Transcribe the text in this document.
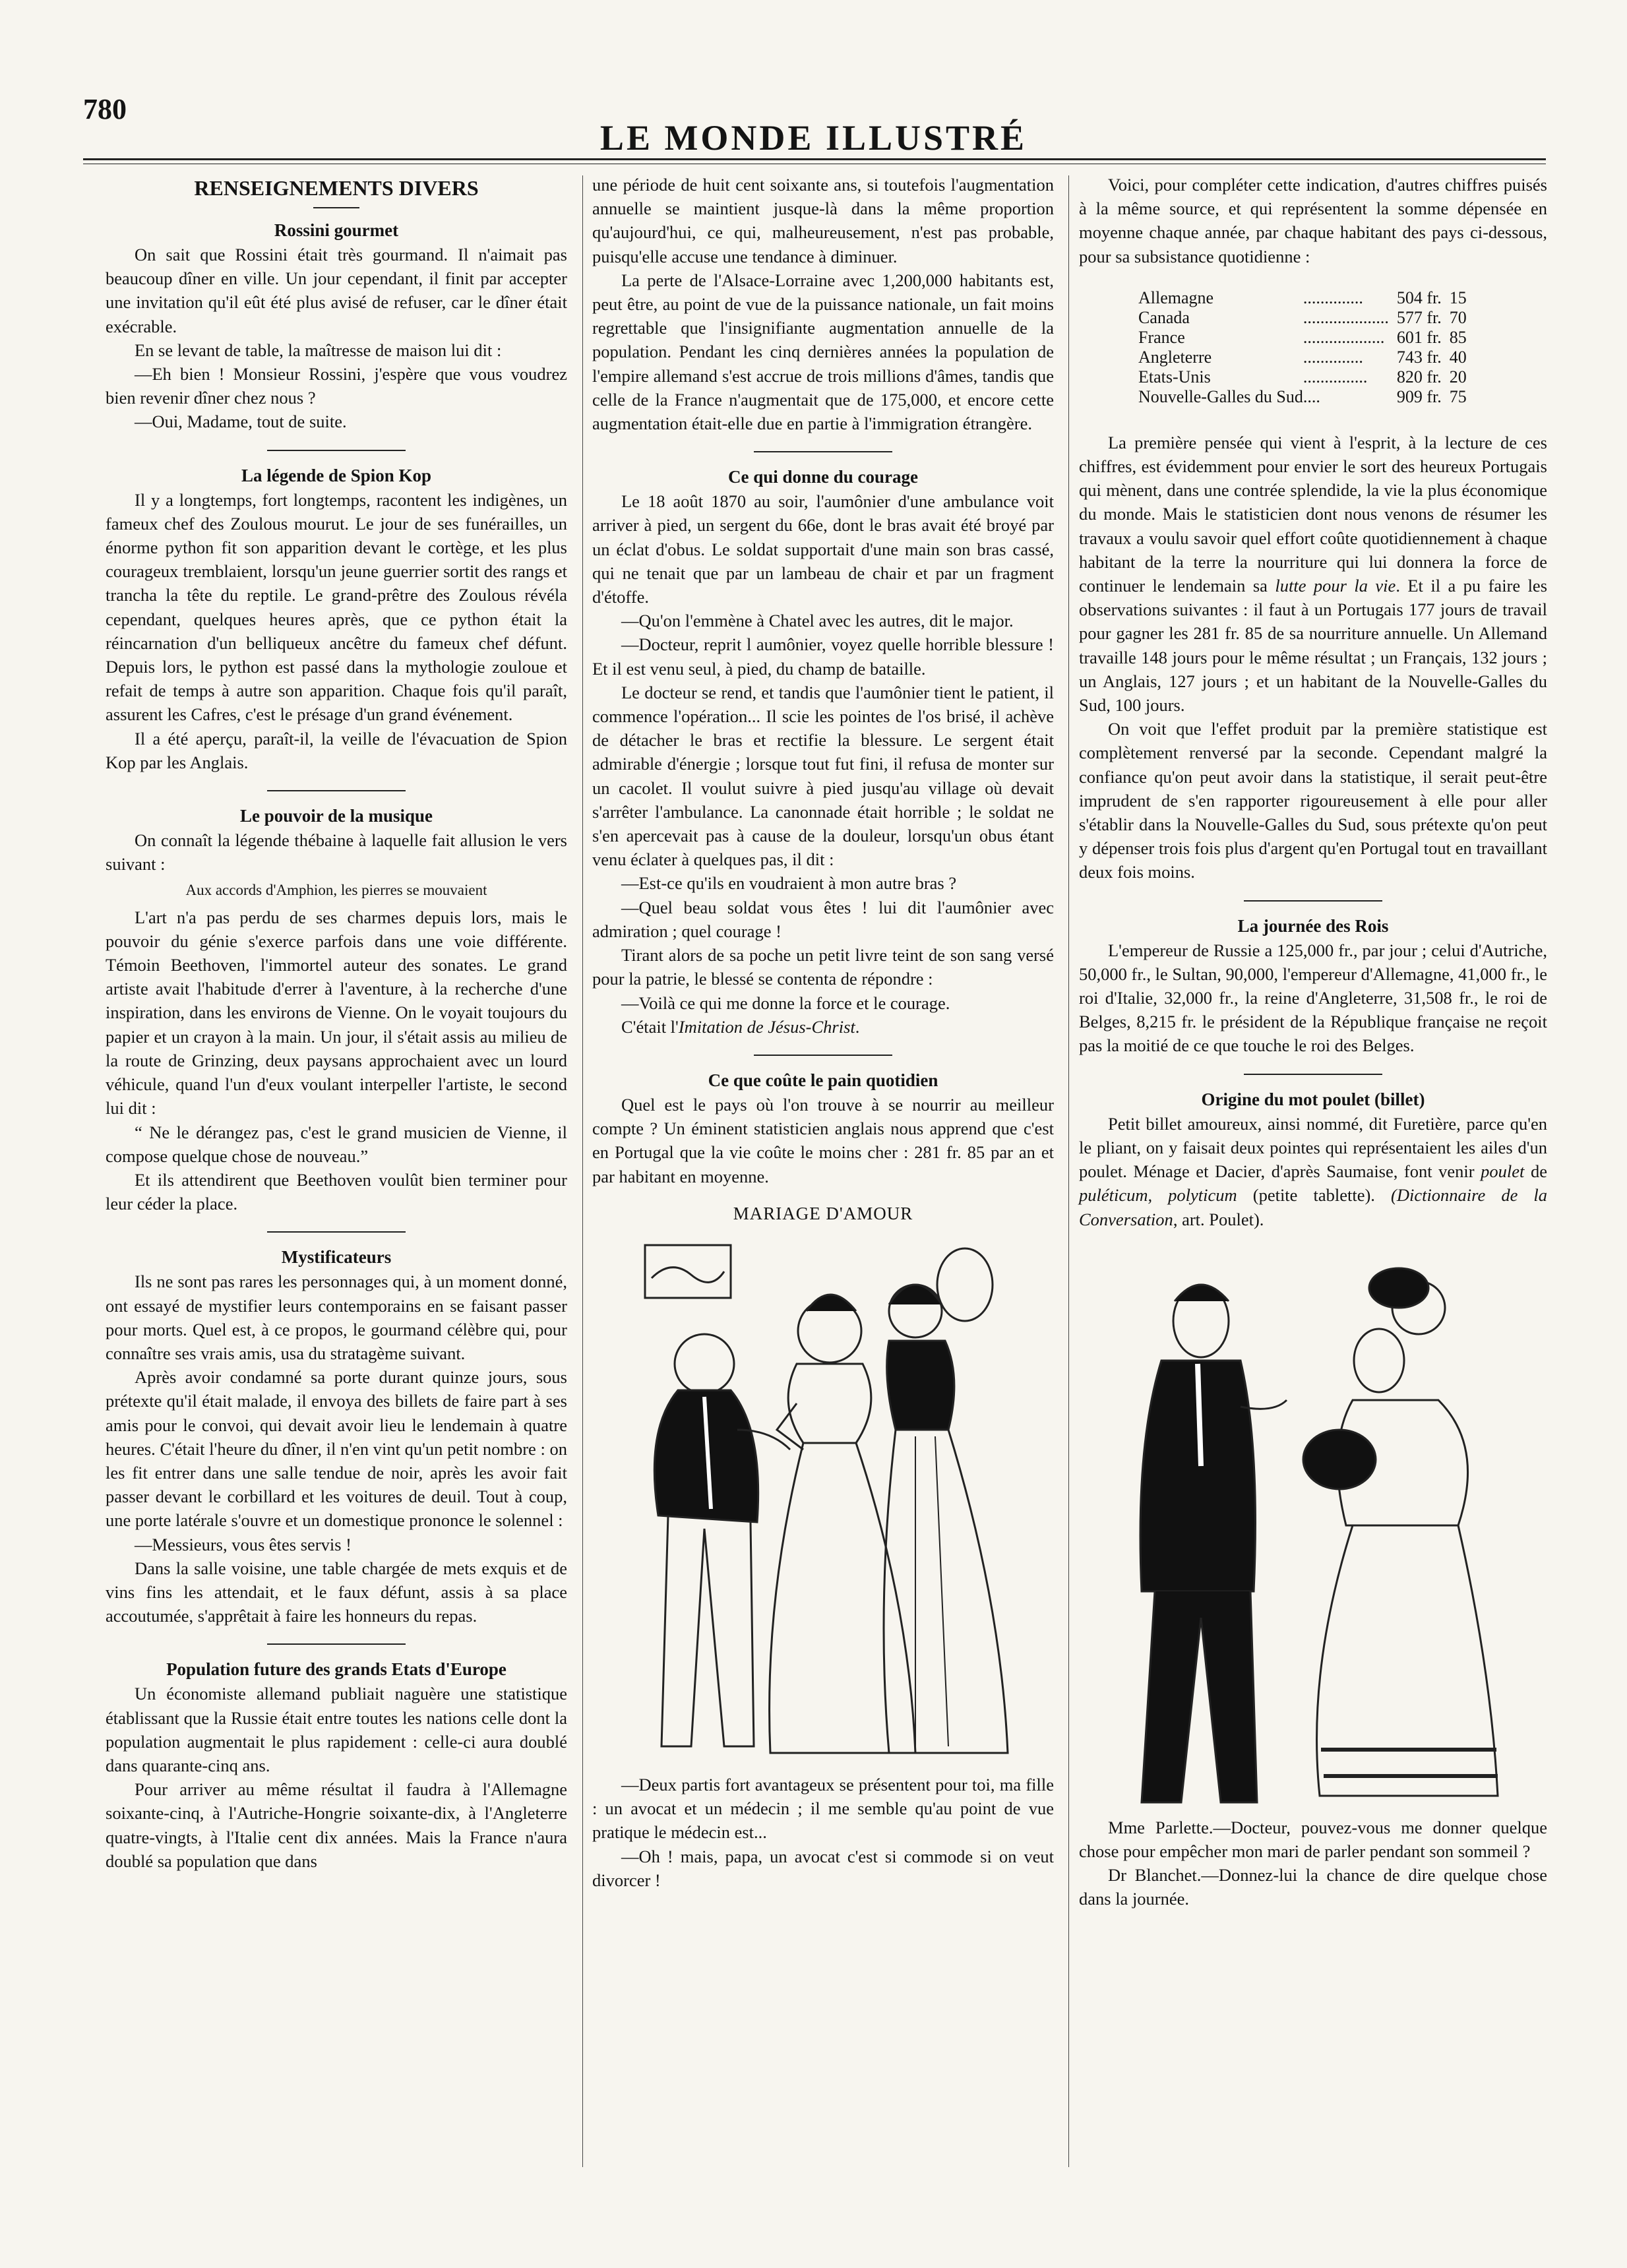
780
LE MONDE ILLUSTRÉ
RENSEIGNEMENTS DIVERS
Rossini gourmet

On sait que Rossini était très gourmand. Il n'aimait pas beaucoup dîner en ville. Un jour cependant, il finit par accepter une invitation qu'il eût été plus avisé de refuser, car le dîner était exécrable.

En se levant de table, la maîtresse de maison lui dit :

—Eh bien ! Monsieur Rossini, j'espère que vous voudrez bien revenir dîner chez nous ?

—Oui, Madame, tout de suite.

La légende de Spion Kop

Il y a longtemps, fort longtemps, racontent les indigènes, un fameux chef des Zoulous mourut. Le jour de ses funérailles, un énorme python fit son apparition devant le cortège, et les plus courageux tremblaient, lorsqu'un jeune guerrier sortit des rangs et trancha la tête du reptile. Le grand-prêtre des Zoulous révéla cependant, quelques heures après, que ce python était la réincarnation d'un belliqueux ancêtre du fameux chef défunt. Depuis lors, le python est passé dans la mythologie zouloue et refait de temps à autre son apparition. Chaque fois qu'il paraît, assurent les Cafres, c'est le présage d'un grand événement.

Il a été aperçu, paraît-il, la veille de l'évacuation de Spion Kop par les Anglais.

Le pouvoir de la musique

On connaît la légende thébaine à laquelle fait allusion le vers suivant :

Aux accords d'Amphion, les pierres se mouvaient

L'art n'a pas perdu de ses charmes depuis lors, mais le pouvoir du génie s'exerce parfois dans une voie différente. Témoin Beethoven, l'immortel auteur des sonates. Le grand artiste avait l'habitude d'errer à l'aventure, à la recherche d'une inspiration, dans les environs de Vienne. On le voyait toujours du papier et un crayon à la main. Un jour, il s'était assis au milieu de la route de Grinzing, deux paysans approchaient avec un lourd véhicule, quand l'un d'eux voulant interpeller l'artiste, le second lui dit :

“ Ne le dérangez pas, c'est le grand musicien de Vienne, il compose quelque chose de nouveau.”

Et ils attendirent que Beethoven voulût bien terminer pour leur céder la place.

Mystificateurs

Ils ne sont pas rares les personnages qui, à un moment donné, ont essayé de mystifier leurs contemporains en se faisant passer pour morts. Quel est, à ce propos, le gourmand célèbre qui, pour connaître ses vrais amis, usa du stratagème suivant.

Après avoir condamné sa porte durant quinze jours, sous prétexte qu'il était malade, il envoya des billets de faire part à ses amis pour le convoi, qui devait avoir lieu le lendemain à quatre heures. C'était l'heure du dîner, il n'en vint qu'un petit nombre : on les fit entrer dans une salle tendue de noir, après les avoir fait passer devant le corbillard et les voitures de deuil. Tout à coup, une porte latérale s'ouvre et un domestique prononce le solennel :

—Messieurs, vous êtes servis !

Dans la salle voisine, une table chargée de mets exquis et de vins fins les attendait, et le faux défunt, assis à sa place accoutumée, s'apprêtait à faire les honneurs du repas.

Population future des grands Etats d'Europe

Un économiste allemand publiait naguère une statistique établissant que la Russie était entre toutes les nations celle dont la population augmentait le plus rapidement : celle-ci aura doublé dans quarante-cinq ans.

Pour arriver au même résultat il faudra à l'Allemagne soixante-cinq, à l'Autriche-Hongrie soixante-dix, à l'Angleterre quatre-vingts, à l'Italie cent dix années. Mais la France n'aura doublé sa population que dans

une période de huit cent soixante ans, si toutefois l'augmentation annuelle se maintient jusque-là dans la même proportion qu'aujourd'hui, ce qui, malheureusement, n'est pas probable, puisqu'elle accuse une tendance à diminuer.

La perte de l'Alsace-Lorraine avec 1,200,000 habitants est, peut être, au point de vue de la puissance nationale, un fait moins regrettable que l'insignifiante augmentation annuelle de la population. Pendant les cinq dernières années la population de l'empire allemand s'est accrue de trois millions d'âmes, tandis que celle de la France n'augmentait que de 175,000, et encore cette augmentation était-elle due en partie à l'immigration étrangère.

Ce qui donne du courage

Le 18 août 1870 au soir, l'aumônier d'une ambulance voit arriver à pied, un sergent du 66e, dont le bras avait été broyé par un éclat d'obus. Le soldat supportait d'une main son bras cassé, qui ne tenait que par un lambeau de chair et par un fragment d'étoffe.

—Qu'on l'emmène à Chatel avec les autres, dit le major.

—Docteur, reprit l aumônier, voyez quelle horrible blessure ! Et il est venu seul, à pied, du champ de bataille.

Le docteur se rend, et tandis que l'aumônier tient le patient, il commence l'opération... Il scie les pointes de l'os brisé, il achève de détacher le bras et rectifie la blessure. Le sergent était admirable d'énergie ; lorsque tout fut fini, il refusa de monter sur un cacolet. Il voulut suivre à pied jusqu'au village où devait s'arrêter l'ambulance. La canonnade était horrible ; le soldat ne s'en apercevait pas à cause de la douleur, lorsqu'un obus étant venu éclater à quelques pas, il dit :

—Est-ce qu'ils en voudraient à mon autre bras ?

—Quel beau soldat vous êtes ! lui dit l'aumônier avec admiration ; quel courage !

Tirant alors de sa poche un petit livre teint de son sang versé pour la patrie, le blessé se contenta de répondre :

—Voilà ce qui me donne la force et le courage.

C'était l'Imitation de Jésus-Christ.

Ce que coûte le pain quotidien

Quel est le pays où l'on trouve à se nourrir au meilleur compte ? Un éminent statisticien anglais nous apprend que c'est en Portugal que la vie coûte le moins cher : 281 fr. 85 par an et par habitant en moyenne.

MARIAGE D'AMOUR

—Deux partis fort avantageux se présentent pour toi, ma fille : un avocat et un médecin ; il me semble qu'au point de vue pratique le médecin est...

—Oh ! mais, papa, un avocat c'est si commode si on veut divorcer !

Voici, pour compléter cette indication, d'autres chiffres puisés à la même source, et qui représentent la somme dépensée en moyenne chaque année, par chaque habitant des pays ci-dessous, pour sa subsistance quotidienne :

Allemagne	..............	504 fr.	15
Canada	....................	577 fr.	70
France	...................	601 fr.	85
Angleterre	..............	743 fr.	40
Etats-Unis	...............	820 fr.	20
Nouvelle-Galles du Sud	....	909 fr.	75

La première pensée qui vient à l'esprit, à la lecture de ces chiffres, est évidemment pour envier le sort des heureux Portugais qui mènent, dans une contrée splendide, la vie la plus économique du monde. Mais le statisticien dont nous venons de résumer les travaux a voulu savoir quel effort coûte quotidiennement à chaque habitant de la terre la nourriture qui lui donnera la force de continuer le lendemain sa lutte pour la vie. Et il a pu faire les observations suivantes : il faut à un Portugais 177 jours de travail pour gagner les 281 fr. 85 de sa nourriture annuelle. Un Allemand travaille 148 jours pour le même résultat ; un Français, 132 jours ; un Anglais, 127 jours ; et un habitant de la Nouvelle-Galles du Sud, 100 jours.

On voit que l'effet produit par la première statistique est complètement renversé par la seconde. Cependant malgré la confiance qu'on peut avoir dans la statistique, il serait peut-être imprudent de s'en rapporter rigoureusement à elle pour aller s'établir dans la Nouvelle-Galles du Sud, sous prétexte qu'on peut y dépenser trois fois plus d'argent qu'en Portugal tout en travaillant deux fois moins.

La journée des Rois

L'empereur de Russie a 125,000 fr., par jour ; celui d'Autriche, 50,000 fr., le Sultan, 90,000, l'empereur d'Allemagne, 41,000 fr., le roi d'Italie, 32,000 fr., la reine d'Angleterre, 31,508 fr., le roi de Belges, 8,215 fr. le président de la République française ne reçoit pas la moitié de ce que touche le roi des Belges.

Origine du mot poulet (billet)

Petit billet amoureux, ainsi nommé, dit Furetière, parce qu'en le pliant, on y faisait deux pointes qui représentaient les ailes d'un poulet. Ménage et Dacier, d'après Saumaise, font venir poulet de puléticum, polyticum (petite tablette). (Dictionnaire de la Conversation, art. Poulet).

Mme Parlette.—Docteur, pouvez-vous me donner quelque chose pour empêcher mon mari de parler pendant son sommeil ?

Dr Blanchet.—Donnez-lui la chance de dire quelque chose dans la journée.
